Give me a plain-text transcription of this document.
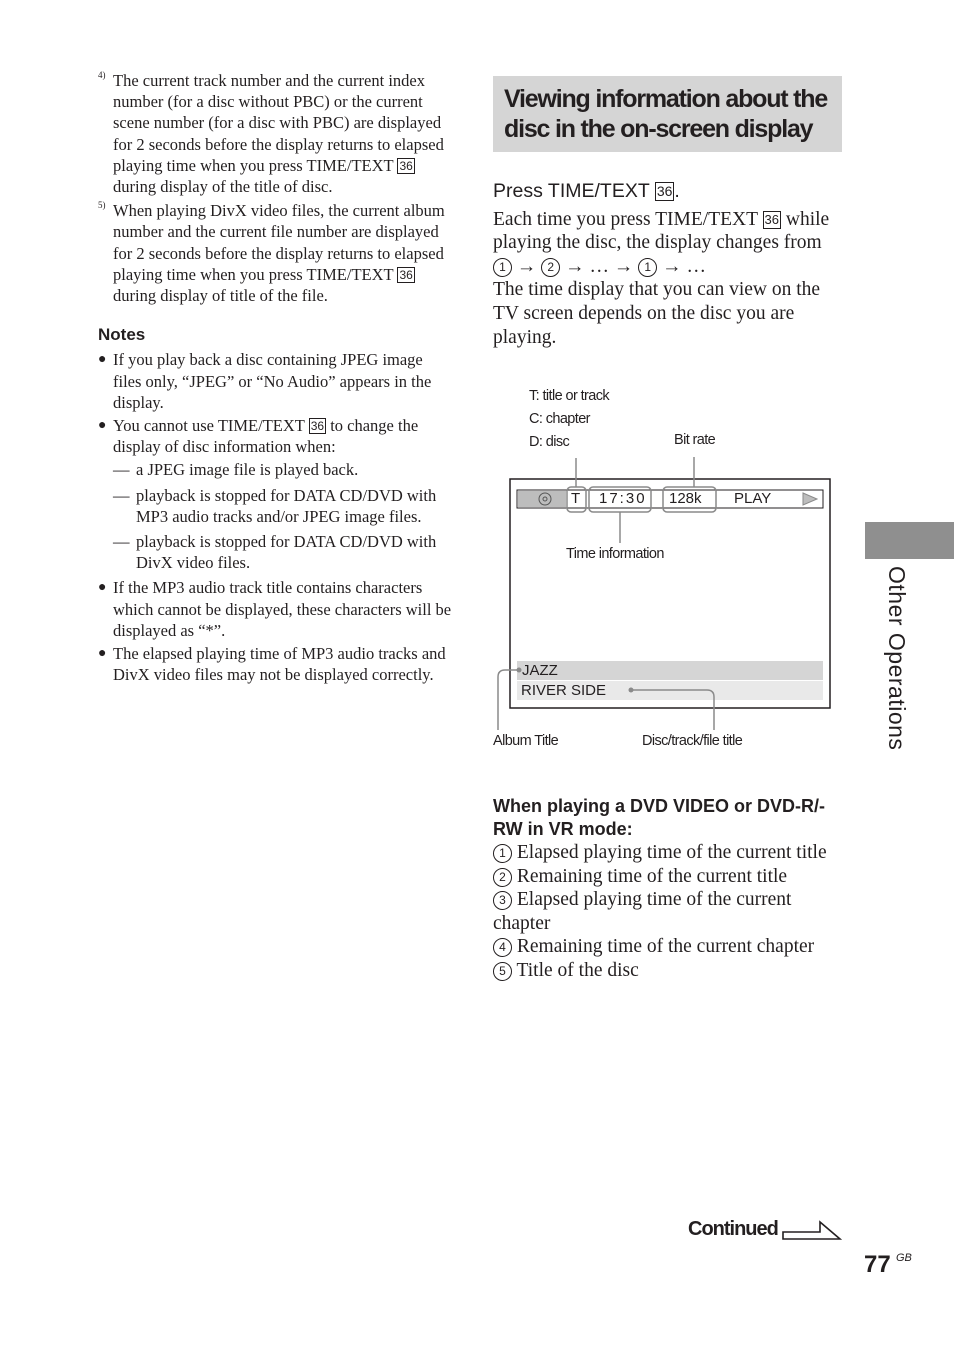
4) The current track number and the current index number (for a disc without PBC) or the current scene number (for a disc with PBC) are displayed for 2 seconds before the display returns to elapsed playing time when you press TIME/TEXT 36 during display of the title of disc.
5) When playing DivX video files, the current album number and the current file number are displayed for 2 seconds before the display returns to elapsed playing time when you press TIME/TEXT 36 during display of title of the file.
Notes
● If you play back a disc containing JPEG image files only, “JPEG” or “No Audio” appears in the display.
● You cannot use TIME/TEXT 36 to change the display of disc information when:
— a JPEG image file is played back.
— playback is stopped for DATA CD/DVD with MP3 audio tracks and/or JPEG image files.
— playback is stopped for DATA CD/DVD with DivX video files.
● If the MP3 audio track title contains characters which cannot be displayed, these characters will be displayed as “*”.
● The elapsed playing time of MP3 audio tracks and DivX video files may not be displayed correctly.
Viewing information about the disc in the on-screen display
Press TIME/TEXT 36 .
Each time you press TIME/TEXT 36 while playing the disc, the display changes from 1 → 2 → … → 1 → …
The time display that you can view on the TV screen depends on the disc you are playing.
T: title or track
C: chapter
D: disc	Bit rate
Time information
Album Title	Disc/track/file title
T 17:30 128k PLAY
JAZZ
RIVER SIDE
When playing a DVD VIDEO or DVD-R/-RW in VR mode:
1 Elapsed playing time of the current title
2 Remaining time of the current title
3 Elapsed playing time of the current chapter
4 Remaining time of the current chapter
5 Title of the disc
Other Operations
Continued
77 GB
